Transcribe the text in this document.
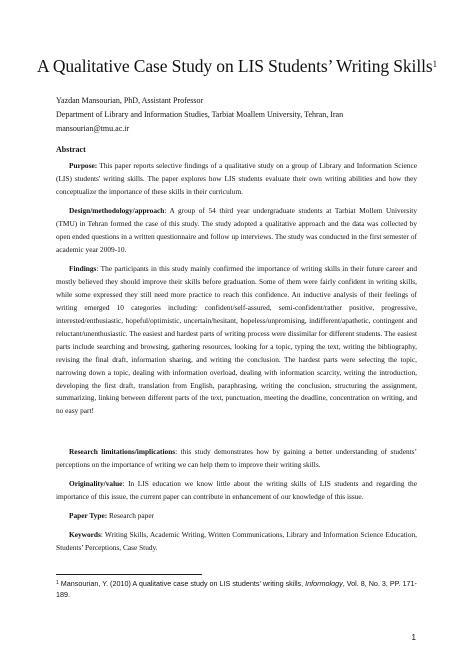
A Qualitative Case Study on LIS Students’ Writing Skills$^1$
Yazdan Mansourian, PhD, Assistant Professor
Department of Library and Information Studies, Tarbiat Moallem University, Tehran, Iran
mansourian@tmu.ac.ir
Abstract

Purpose: This paper reports selective findings of a qualitative study on a group of Library and Information Science (LIS) students' writing skills. The paper explores how LIS students evaluate their own writing abilities and how they conceptualize the importance of these skills in their curriculum.

Design/methodology/approach: A group of 54 third year undergraduate students at Tarbiat Mollem University (TMU) in Tehran formed the case of this study. The study adopted a qualitative approach and the data was collected by open ended questions in a written questionnaire and follow up interviews. The study was conducted in the first semester of academic year 2009-10.

Findings: The participants in this study mainly confirmed the importance of writing skills in their future career and mostly believed they should improve their skills before graduation. Some of them were fairly confident in writing skills, while some expressed they still need more practice to reach this confidence. An inductive analysis of their feelings of writing emerged 10 categories including: confident/self-assured, semi-confident/rather positive, progressive, interested/enthusiastic, hopeful/optimistic, uncertain/hesitant, hopeless/unpromising, indifferent/apathetic, contingent and reluctant/unenthusiastic. The easiest and hardest parts of writing process were dissimilar for different students. The easiest parts include searching and browsing, gathering resources, looking for a topic, typing the text, writing the bibliography, revising the final draft, information sharing, and writing the conclusion. The hardest parts were selecting the topic, narrowing down a topic, dealing with information overload, dealing with information scarcity, writing the introduction, developing the first draft, translation from English, paraphrasing, writing the conclusion, structuring the assignment, summarizing, linking between different parts of the text, punctuation, meeting the deadline, concentration on writing, and no easy part!

Research limitations/implications: this study demonstrates how by gaining a better understanding of students’ perceptions on the importance of writing we can help them to improve their writing skills.

Originality/value: In LIS education we know little about the writing skills of LIS students and regarding the importance of this issue, the current paper can contribute in enhancement of our knowledge of this issue.

Paper Type: Research paper

Keywords: Writing Skills, Academic Writing, Written Communications, Library and Information Science Education, Students’ Perceptions, Case Study.

$^1$ Mansourian, Y. (2010) A qualitative case study on LIS students’ writing skills, Informology, Vol. 8, No. 3, PP. 171-189.
1
